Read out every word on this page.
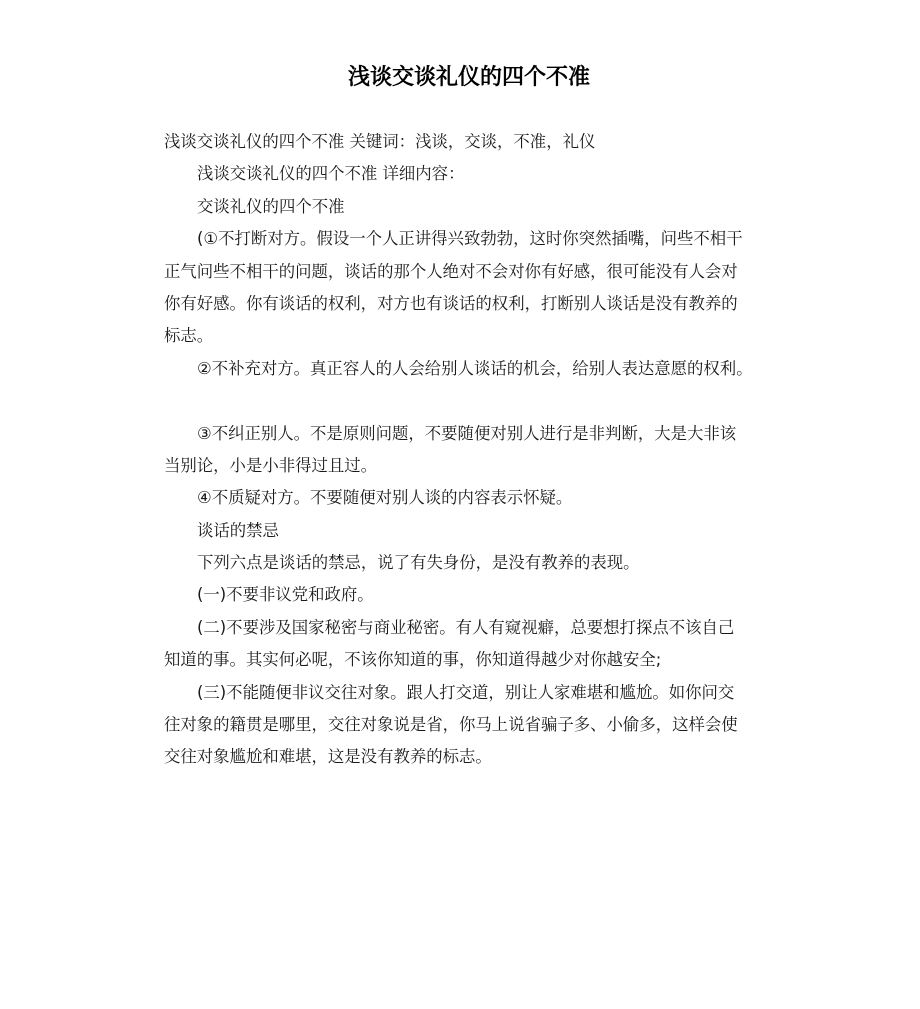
浅谈交谈礼仪的四个不准
浅谈交谈礼仪的四个不准 关键词：浅谈，交谈，不准，礼仪
浅谈交谈礼仪的四个不准 详细内容：
交谈礼仪的四个不准
(①不打断对方。假设一个人正讲得兴致勃勃，这时你突然插嘴，问些不相干
正气问些不相干的问题，谈话的那个人绝对不会对你有好感，很可能没有人会对
你有好感。你有谈话的权利，对方也有谈话的权利，打断别人谈话是没有教养的
标志。
②不补充对方。真正容人的人会给别人谈话的机会，给别人表达意愿的权利。
③不纠正别人。不是原则问题，不要随便对别人进行是非判断，大是大非该
当别论，小是小非得过且过。
④不质疑对方。不要随便对别人谈的内容表示怀疑。
谈话的禁忌
下列六点是谈话的禁忌，说了有失身份，是没有教养的表现。
(一)不要非议党和政府。
(二)不要涉及国家秘密与商业秘密。有人有窥视癖，总要想打探点不该自己
知道的事。其实何必呢，不该你知道的事，你知道得越少对你越安全;
(三)不能随便非议交往对象。跟人打交道，别让人家难堪和尴尬。如你问交
往对象的籍贯是哪里，交往对象说是省，你马上说省骗子多、小偷多，这样会使
交往对象尴尬和难堪，这是没有教养的标志。
